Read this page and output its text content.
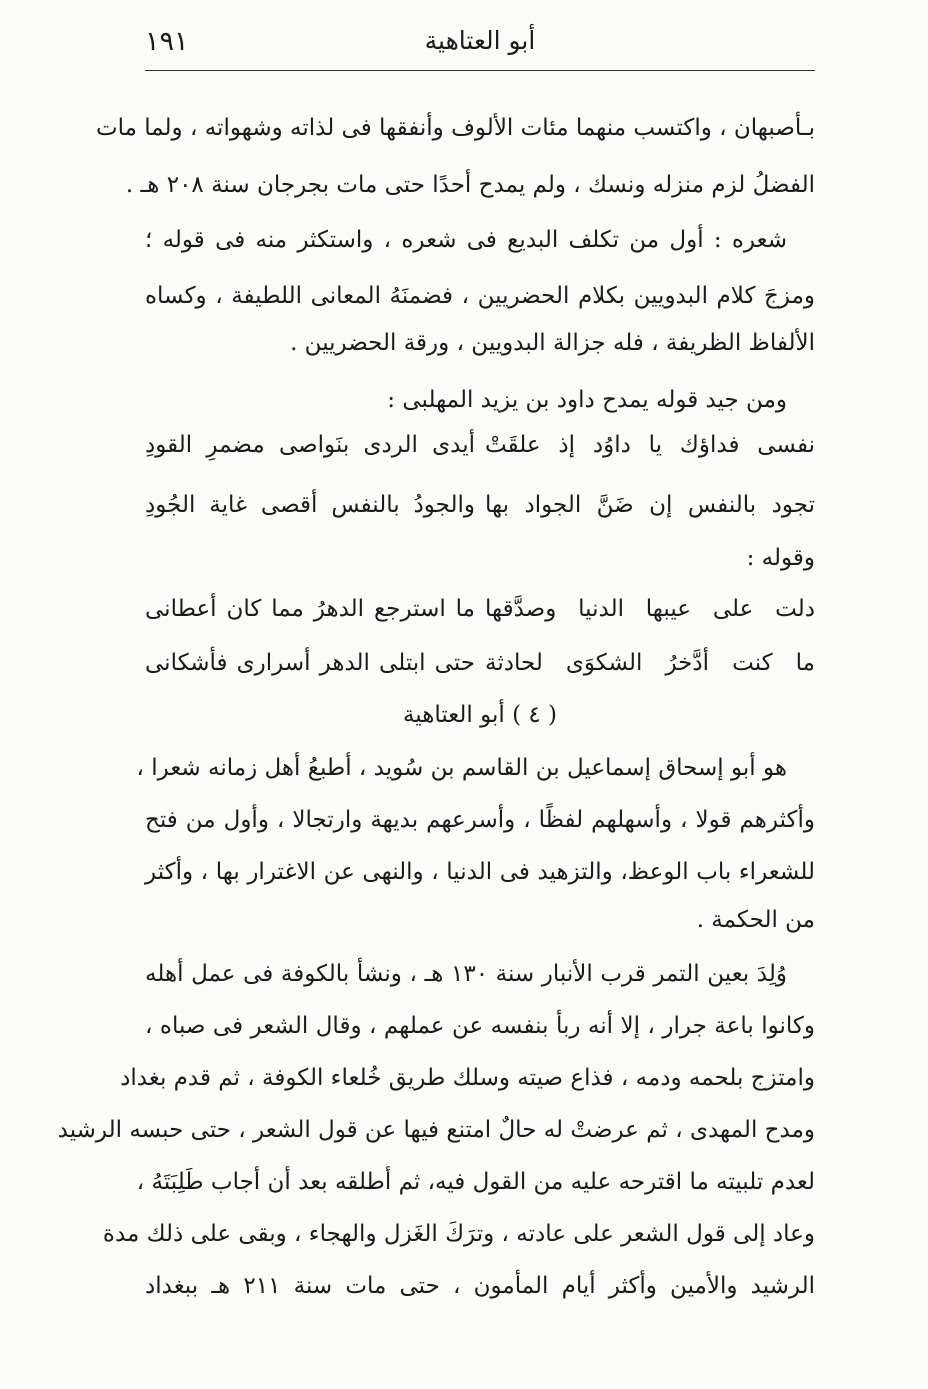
١٩١	أبو العتاهية
بـأصبهان ، واكتسب منهما مئات الألوف وأنفقها فى لذاته وشهواته ، ولما مات
الفضلُ لزم منزله ونسك ، ولم يمدح أحدًا حتى مات بجرجان سنة ٢٠٨ هـ .
شعره : أول من تكلف البديع فى شعره ، واستكثر منه فى قوله ؛
ومزجَ كلام البدويين بكلام الحضريين ، فضمنَهُ المعانى اللطيفة ، وكساه
الألفاظ الظريفة ، فله جزالة البدويين ، ورقة الحضريين .
ومن جيد قوله يمدح داود بن يزيد المهلبى :
نفسى فداؤك يا داوُد إذ علقَتْ
أيدى الردى بنَواصى مضمرِ القودِ
تجود بالنفس إن ضَنَّ الجواد بها
والجودُ بالنفس أقصى غاية الجُودِ
وقوله :
دلت على عيبها الدنيا وصدَّقها
ما استرجع الدهرُ مما كان أعطانى
ما كنت أدَّخرُ الشكوَى لحادثة
حتى ابتلى الدهر أسرارى فأشكانى
( ٤ ) أبو العتاهية
هو أبو إسحاق إسماعيل بن القاسم بن سُويد ، أطبعُ أهل زمانه شعرا ،
وأكثرهم قولا ، وأسهلهم لفظًا ، وأسرعهم بديهة وارتجالا ، وأول من فتح
للشعراء باب الوعظ، والتزهيد فى الدنيا ، والنهى عن الاغترار بها ، وأكثر
من الحكمة .
وُلِدَ بعين التمر قرب الأنبار سنة ١٣٠ هـ ، ونشأ بالكوفة فى عمل أهله
وكانوا باعة جرار ، إلا أنه ربأ بنفسه عن عملهم ، وقال الشعر فى صباه ،
وامتزج بلحمه ودمه ، فذاع صيته وسلك طريق خُلعاء الكوفة ، ثم قدم بغداد
ومدح المهدى ، ثم عرضتْ له حالٌ امتنع فيها عن قول الشعر ، حتى حبسه الرشيد
لعدم تلبيته ما اقترحه عليه من القول فيه، ثم أطلقه بعد أن أجاب طَلِبَتَهُ ،
وعاد إلى قول الشعر على عادته ، وترَكَ الغَزل والهجاء ، وبقى على ذلك مدة
الرشيد والأمين وأكثر أيام المأمون ، حتى مات سنة ٢١١ هـ ببغداد
